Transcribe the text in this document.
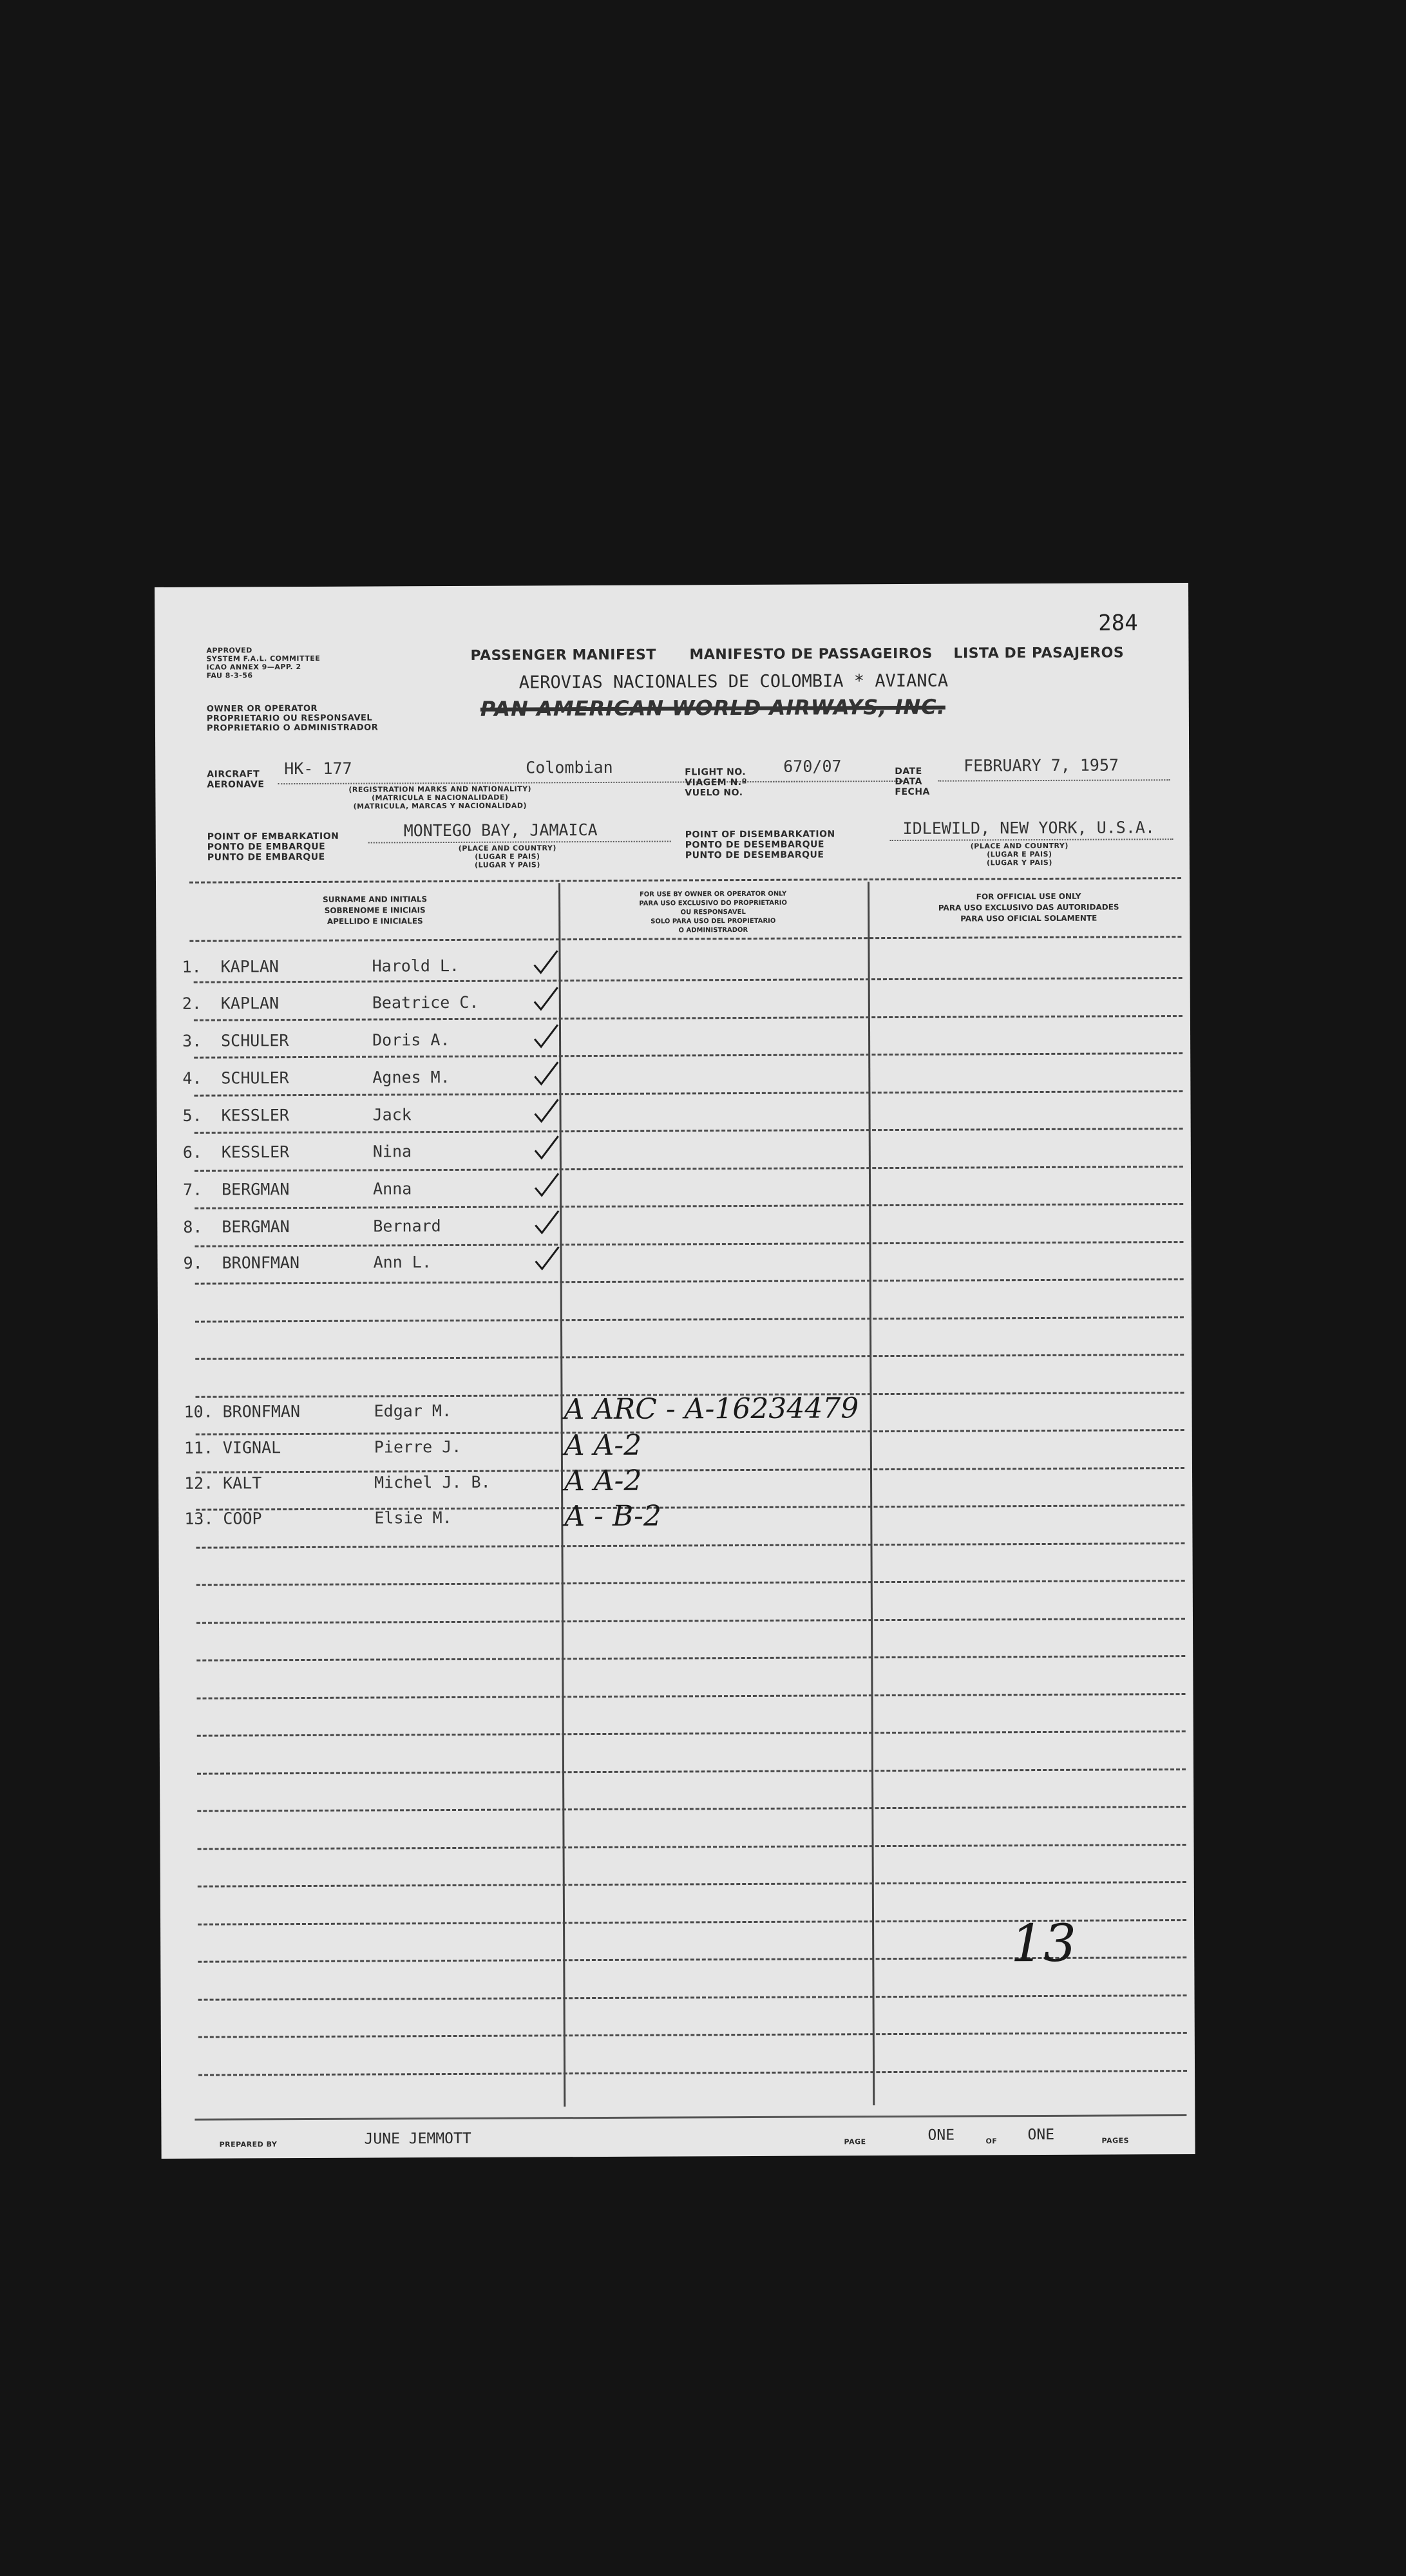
284
APPROVED
SYSTEM F.A.L. COMMITTEE
ICAO ANNEX 9—APP. 2
FAU 8-3-56
OWNER OR OPERATOR
PROPRIETARIO OU RESPONSAVEL
PROPRIETARIO O ADMINISTRADOR
PASSENGER MANIFEST MANIFESTO DE PASSAGEIROS LISTA DE PASAJEROS
AEROVIAS NACIONALES DE COLOMBIA * AVIANCA
PAN AMERICAN WORLD AIRWAYS, INC.
AIRCRAFT
AERONAVE
HK- 177	Colombian
(REGISTRATION MARKS AND NATIONALITY)
(MATRICULA E NACIONALIDADE)
(MATRICULA, MARCAS Y NACIONALIDAD)
FLIGHT NO.
VIAGEM N.º
VUELO NO.
670/07	DATE
DATA
FECHA
FEBRUARY 7, 1957
POINT OF EMBARKATION
PONTO DE EMBARQUE
PUNTO DE EMBARQUE
MONTEGO BAY, JAMAICA
(PLACE AND COUNTRY)
(LUGAR E PAIS)
(LUGAR Y PAIS)
POINT OF DISEMBARKATION
PONTO DE DESEMBARQUE
PUNTO DE DESEMBARQUE
IDLEWILD, NEW YORK, U.S.A.
(PLACE AND COUNTRY)
(LUGAR E PAIS)
(LUGAR Y PAIS)
SURNAME AND INITIALS
SOBRENOME E INICIAIS
APELLIDO E INICIALES
FOR USE BY OWNER OR OPERATOR ONLY
PARA USO EXCLUSIVO DO PROPRIETARIO
OU RESPONSAVEL
SOLO PARA USO DEL PROPIETARIO
O ADMINISTRADOR
FOR OFFICIAL USE ONLY
PARA USO EXCLUSIVO DAS AUTORIDADES
PARA USO OFICIAL SOLAMENTE
1. KAPLAN	Harold L.
2. KAPLAN	Beatrice C.
3. SCHULER	Doris A.
4. SCHULER	Agnes M.
5. KESSLER	Jack
6. KESSLER	Nina
7. BERGMAN	Anna
8. BERGMAN	Bernard
9. BRONFMAN	Ann L.
10. BRONFMAN	Edgar M.	A ARC - A-16234479
11. VIGNAL	Pierre J.	A A-2
12. KALT	Michel J. B.	A A-2
13. COOP	Elsie M.	A - B-2
13
PREPARED BY	JUNE JEMMOTT	PAGE	ONE	OF ONE	PAGES
